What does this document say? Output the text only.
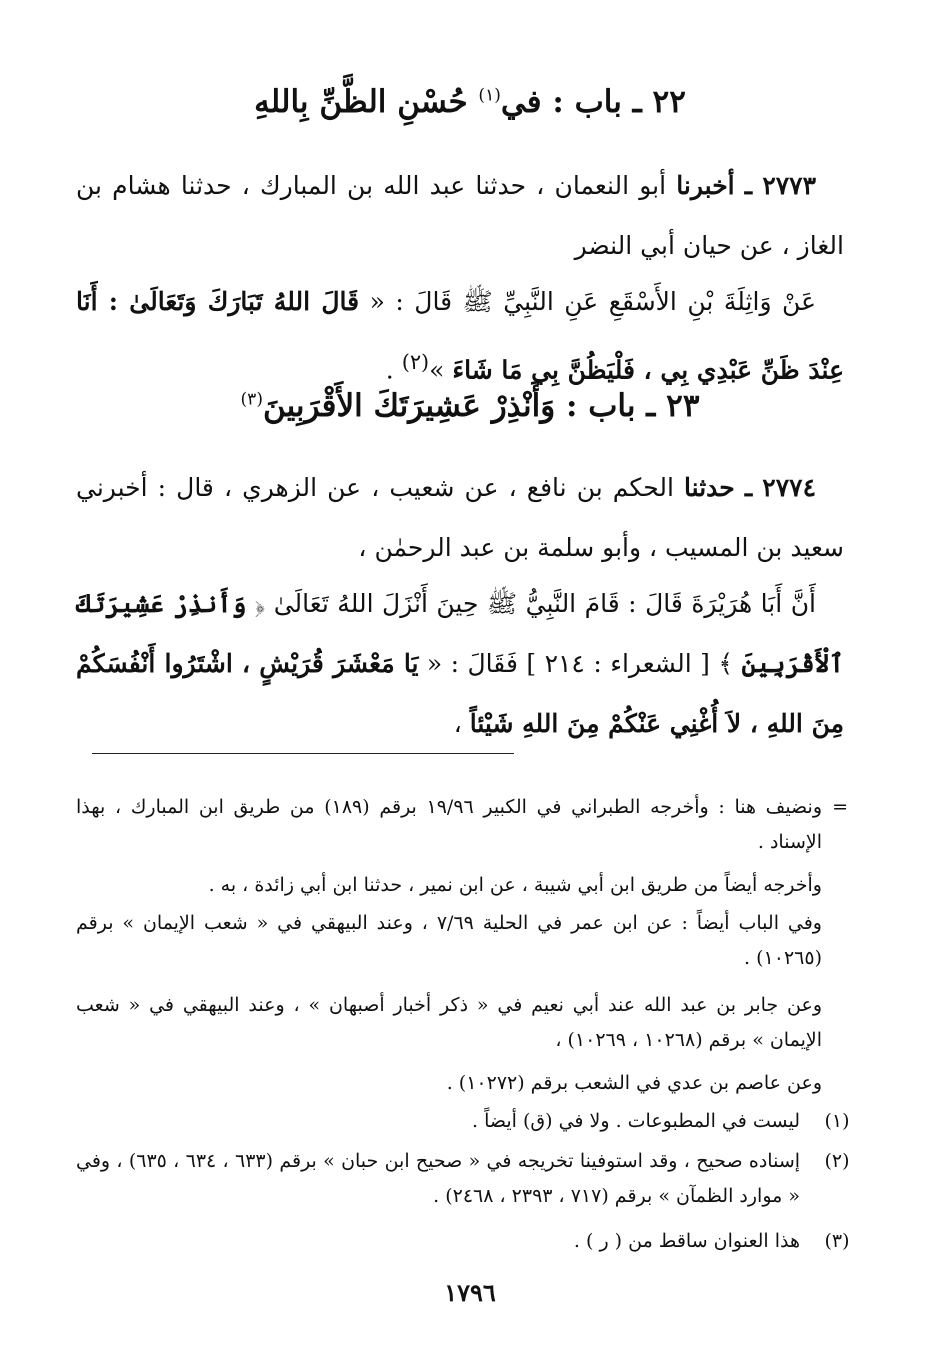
٢٢ ـ باب : في$^{(١)}$ حُسْنِ الظَّنِّ بِاللهِ
٢٧٧٣ ـ أخبرنا أبو النعمان ، حدثنا عبد الله بن المبارك ، حدثنا هشام بن الغاز ، عن حيان أبي النضر
عَنْ وَاثِلَةَ بْنِ الأَسْقَعِ عَنِ النَّبِيِّ ﷺ قَالَ : « قَالَ اللهُ تَبَارَكَ وَتَعَالَىٰ : أَنَا عِنْدَ ظَنِّ عَبْدِي بِي ، فَلْيَظُنَّ بِي مَا شَاءَ »$^{(٢)}$ .
٢٣ ـ باب : وَأَنْذِرْ عَشِيرَتَكَ الأَقْرَبِينَ$^{(٣)}$
٢٧٧٤ ـ حدثنا الحكم بن نافع ، عن شعيب ، عن الزهري ، قال : أخبرني سعيد بن المسيب ، وأبو سلمة بن عبد الرحمٰن ،
أَنَّ أَبَا هُرَيْرَةَ قَالَ : قَامَ النَّبِيُّ ﷺ حِينَ أَنْزَلَ اللهُ تَعَالَىٰ ﴿ وَأَنذِرْ عَشِيرَتَكَ ٱلْأَقْرَبِينَ ﴾ [ الشعراء : ٢١٤ ] فَقَالَ : « يَا مَعْشَرَ قُرَيْشٍ ، اشْتَرُوا أَنْفُسَكُمْ مِنَ اللهِ ، لاَ أُغْنِي عَنْكُمْ مِنَ اللهِ شَيْئاً ،
=
ونضيف هنا : وأخرجه الطبراني في الكبير ١٩/٩٦ برقم (١٨٩) من طريق ابن المبارك ، بهذا الإسناد .
وأخرجه أيضاً من طريق ابن أبي شيبة ، عن ابن نمير ، حدثنا ابن أبي زائدة ، به .
وفي الباب أيضاً : عن ابن عمر في الحلية ٧/٦٩ ، وعند البيهقي في « شعب الإيمان » برقم (١٠٢٦٥) .
وعن جابر بن عبد الله عند أبي نعيم في « ذكر أخبار أصبهان » ، وعند البيهقي في « شعب الإيمان » برقم (١٠٢٦٨ ، ١٠٢٦٩) ،
وعن عاصم بن عدي في الشعب برقم (١٠٢٧٢) .
(١)
ليست في المطبوعات . ولا في (ق) أيضاً .
(٢)
إسناده صحيح ، وقد استوفينا تخريجه في « صحيح ابن حبان » برقم (٦٣٣ ، ٦٣٤ ، ٦٣٥) ، وفي « موارد الظمآن » برقم (٧١٧ ، ٢٣٩٣ ، ٢٤٦٨) .
(٣)
هذا العنوان ساقط من ( ر ) .
١٧٩٦
